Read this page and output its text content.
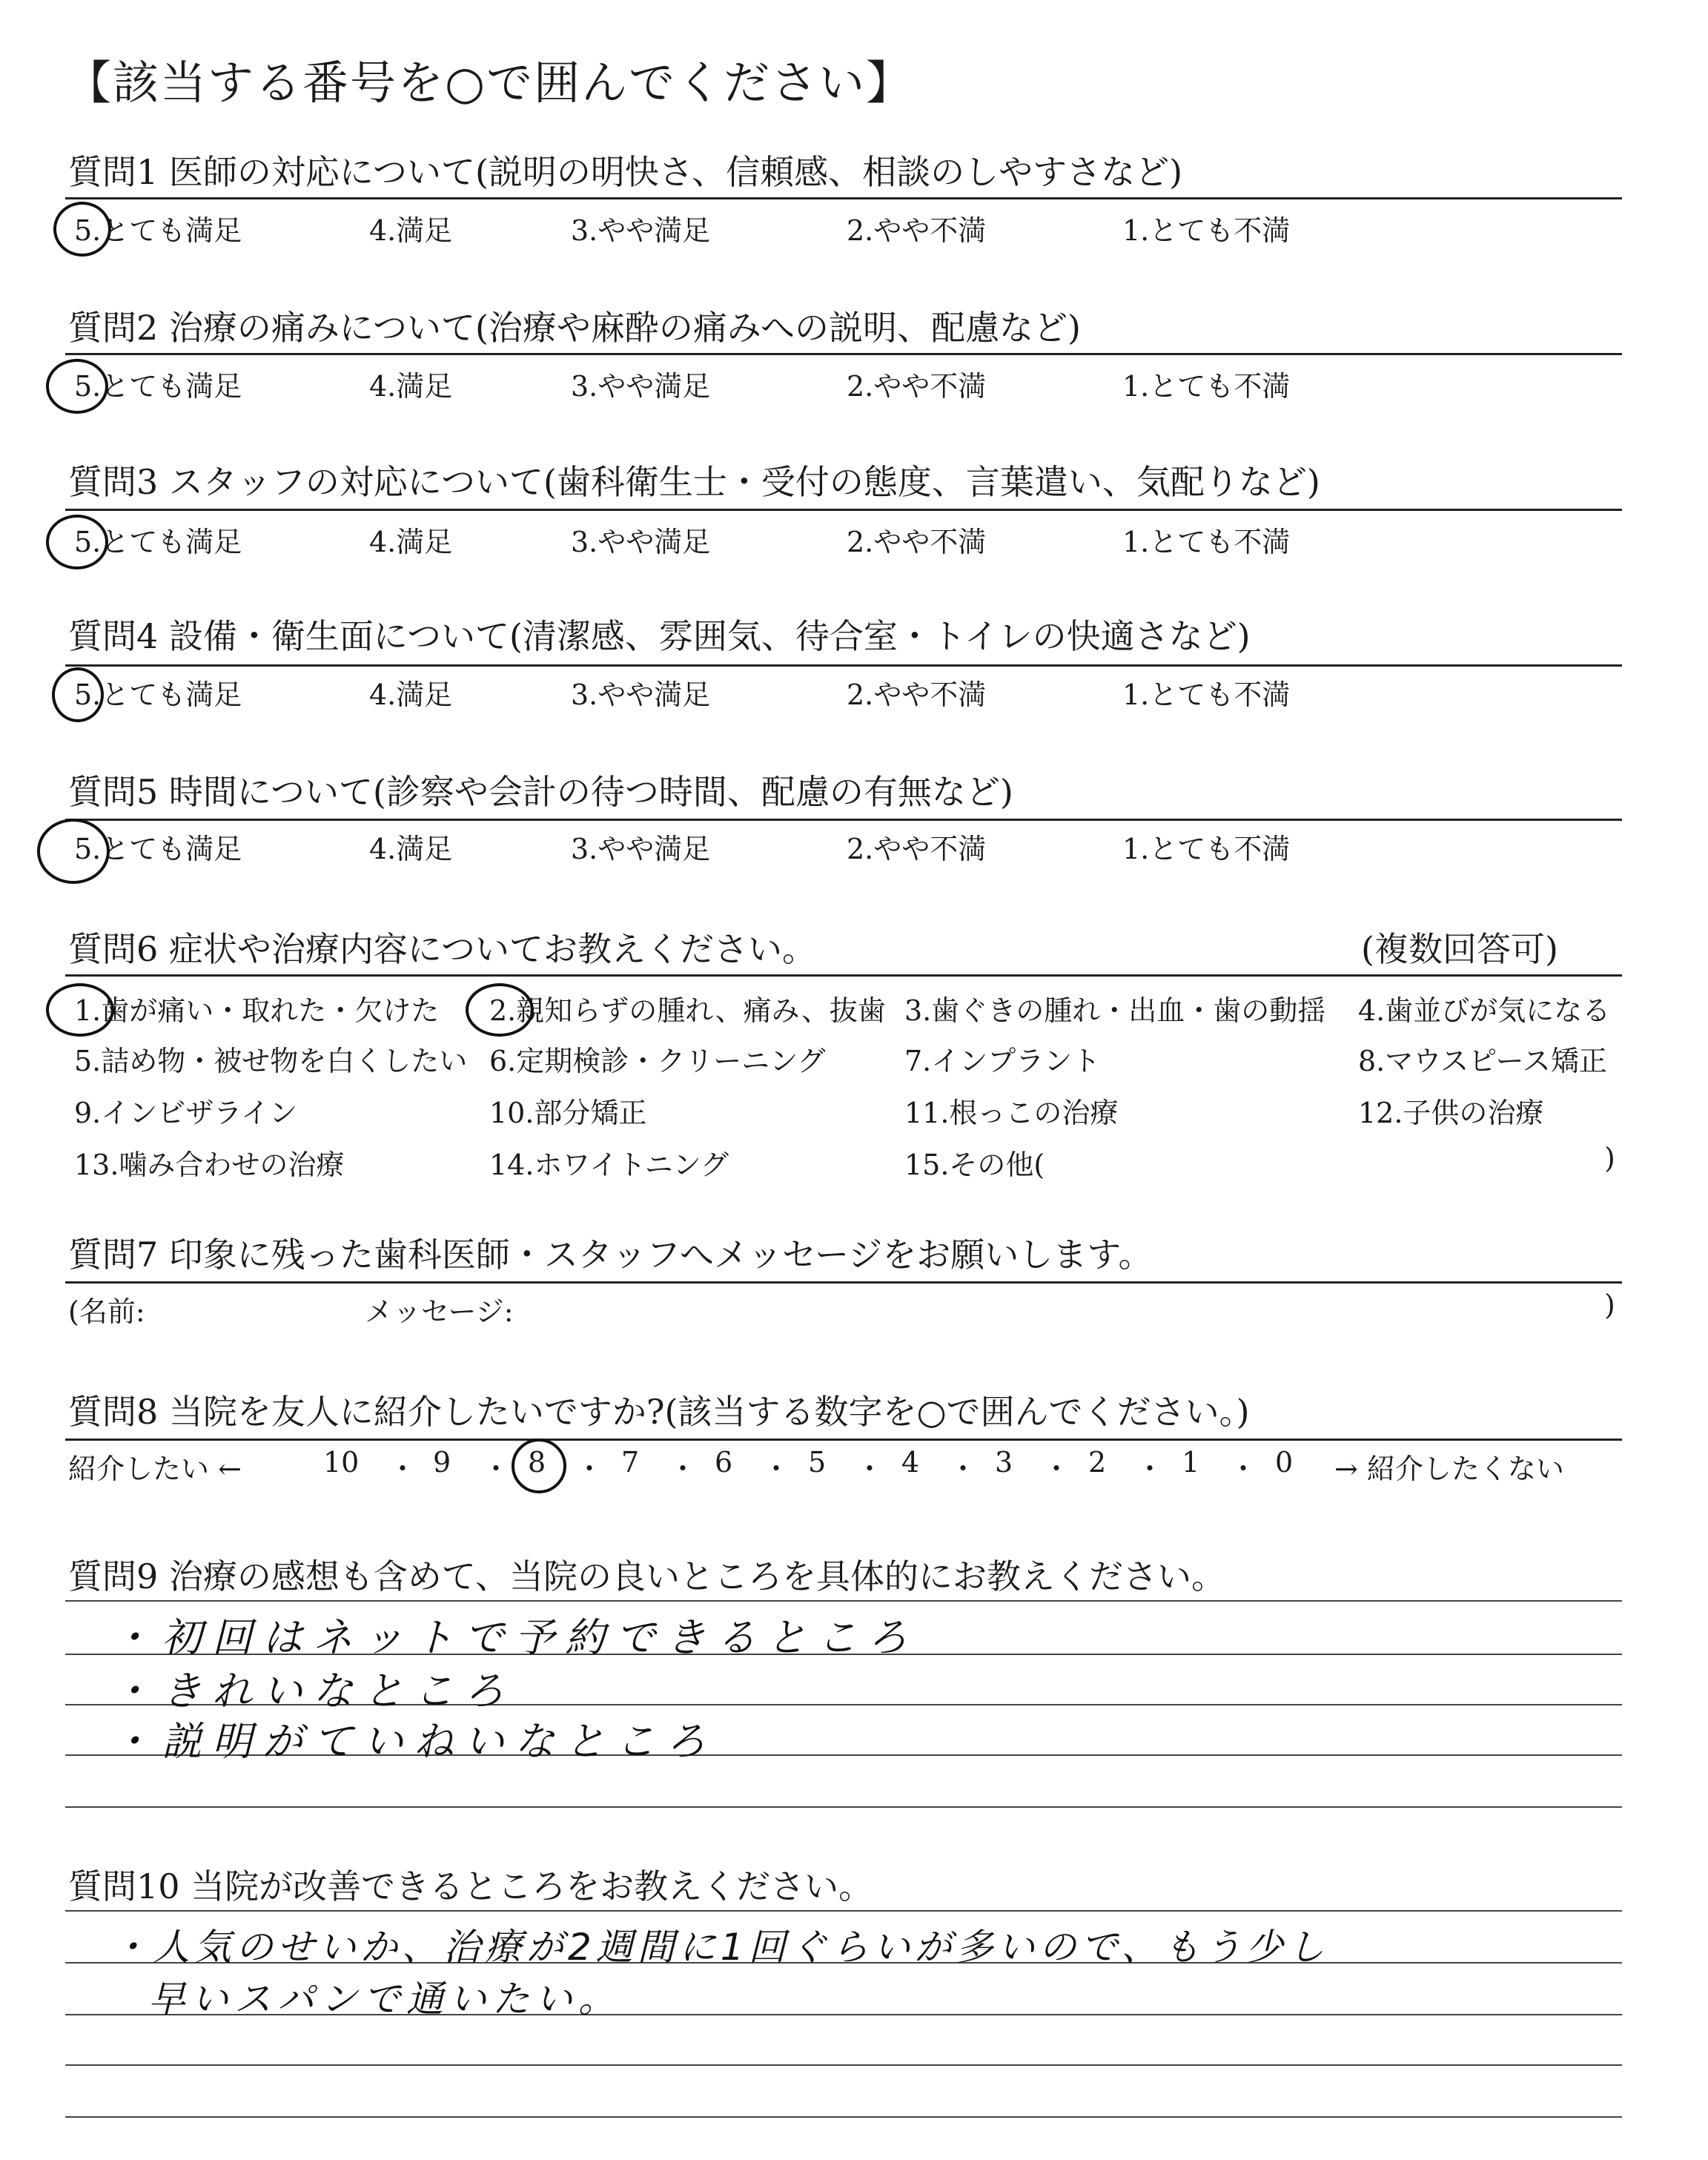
【該当する番号を○で囲んでください】
質問1 医師の対応について(説明の明快さ、信頼感、相談のしやすさなど)
5.とても満足	4.満足	3.やや満足	2.やや不満	1.とても不満
質問2 治療の痛みについて(治療や麻酔の痛みへの説明、配慮など)
5.とても満足	4.満足	3.やや満足	2.やや不満	1.とても不満
質問3 スタッフの対応について(歯科衛生士・受付の態度、言葉遣い、気配りなど)
5.とても満足	4.満足	3.やや満足	2.やや不満	1.とても不満
質問4 設備・衛生面について(清潔感、雰囲気、待合室・トイレの快適さなど)
5.とても満足	4.満足	3.やや満足	2.やや不満	1.とても不満
質問5 時間について(診察や会計の待つ時間、配慮の有無など)
5.とても満足	4.満足	3.やや満足	2.やや不満	1.とても不満
質問6 症状や治療内容についてお教えください。	(複数回答可)
1.歯が痛い・取れた・欠けた 2.親知らずの腫れ、痛み、抜歯 3.歯ぐきの腫れ・出血・歯の動揺 4.歯並びが気になる
5.詰め物・被せ物を白くしたい 6.定期検診・クリーニング	7.インプラント	8.マウスピース矯正
9.インビザライン	10.部分矯正	11.根っこの治療	12.子供の治療
13.噛み合わせの治療	14.ホワイトニング	15.その他(	)
質問7 印象に残った歯科医師・スタッフへメッセージをお願いします。
(名前:	メッセージ:	)
質問8 当院を友人に紹介したいですか?(該当する数字を○で囲んでください。)
紹介したい ←	10	9	8	7	6	5	4	3	2	1	0
・ ・ ・ ・ ・ ・ ・ ・ ・ ・	→ 紹介したくない
質問9 治療の感想も含めて、当院の良いところを具体的にお教えください。
・初回はネットで予約できるところ
・きれいなところ
・説明がていねいなところ
質問10 当院が改善できるところをお教えください。
・人気のせいか、治療が2週間に1回ぐらいが多いので、もう少し
早いスパンで通いたい。
